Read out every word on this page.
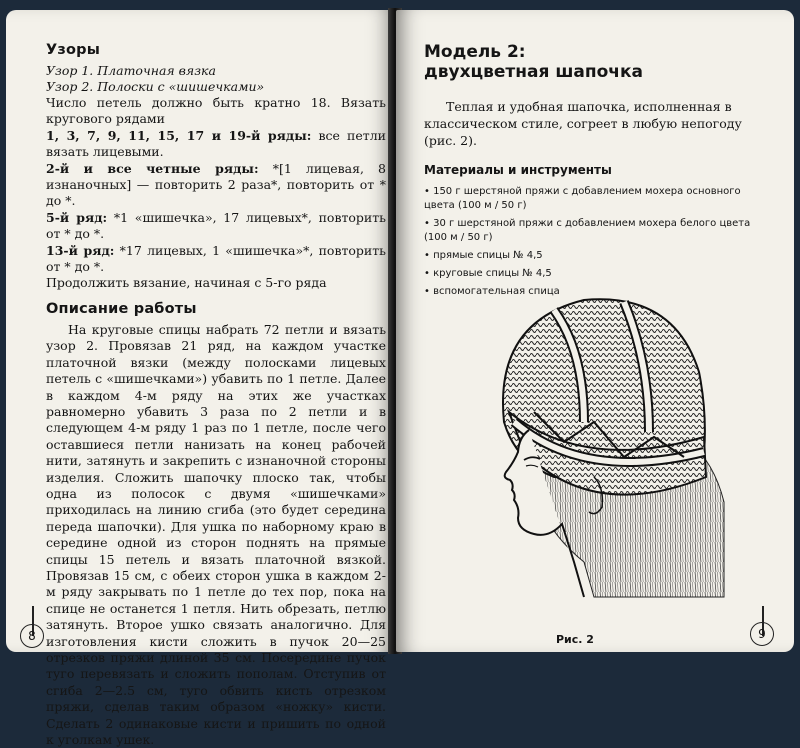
Узоры
Узор 1. Платочная вязка
Узор 2. Полоски с «шишечками»

Число петель должно быть кратно 18. Вязать кругового рядами

1, 3, 7, 9, 11, 15, 17 и 19-й ряды: все петли вязать лицевыми.

2-й и все четные ряды: *[1 лицевая, 8 изнаночных] — повторить 2 раза*, повторить от * до *.

5-й ряд: *1 «шишечка», 17 лицевых*, повторить от * до *.

13-й ряд: *17 лицевых, 1 «шишечка»*, повторить от * до *.

Продолжить вязание, начиная с 5-го ряда

Описание работы

На круговые спицы набрать 72 петли и вязать узор 2. Провязав 21 ряд, на каждом участке платочной вязки (между полосками лицевых петель с «шишечками») убавить по 1 петле. Далее в каждом 4-м ряду на этих же участках равномерно убавить 3 раза по 2 петли и в следующем 4-м ряду 1 раз по 1 петле, после чего оставшиеся петли нанизать на конец рабочей нити, затянуть и закрепить с изнаночной стороны изделия. Сложить шапочку плоско так, чтобы одна из полосок с двумя «шишечками» приходилась на линию сгиба (это будет середина переда шапочки). Для ушка по наборному краю в середине одной из сторон поднять на прямые спицы 15 петель и вязать платочной вязкой. Провязав 15 см, с обеих сторон ушка в каждом 2-м ряду закрывать по 1 петле до тех пор, пока на спице не останется 1 петля. Нить обрезать, петлю затянуть. Второе ушко связать аналогично. Для изготовления кисти сложить в пучок 20—25 отрезков пряжи длиной 35 см. Посередине пучок туго перевязать и сложить пополам. Отступив от сгиба 2—2.5 см, туго обвить кисть отрезком пряжи, сделав таким образом «ножку» кисти. Сделать 2 одинаковые кисти и пришить по одной к уголкам ушек.

8
Модель 2:
двухцветная шапочка

Теплая и удобная шапочка, исполненная в классическом стиле, согреет в любую непогоду (рис. 2).

Материалы и инструменты
• 150 г шерстяной пряжи с добавлением мохера основного цвета (100 м / 50 г)
• 30 г шерстяной пряжи с добавлением мохера белого цвета (100 м / 50 г)
• прямые спицы № 4,5
• круговые спицы № 4,5
• вспомогательная спица
Рис. 2	9
